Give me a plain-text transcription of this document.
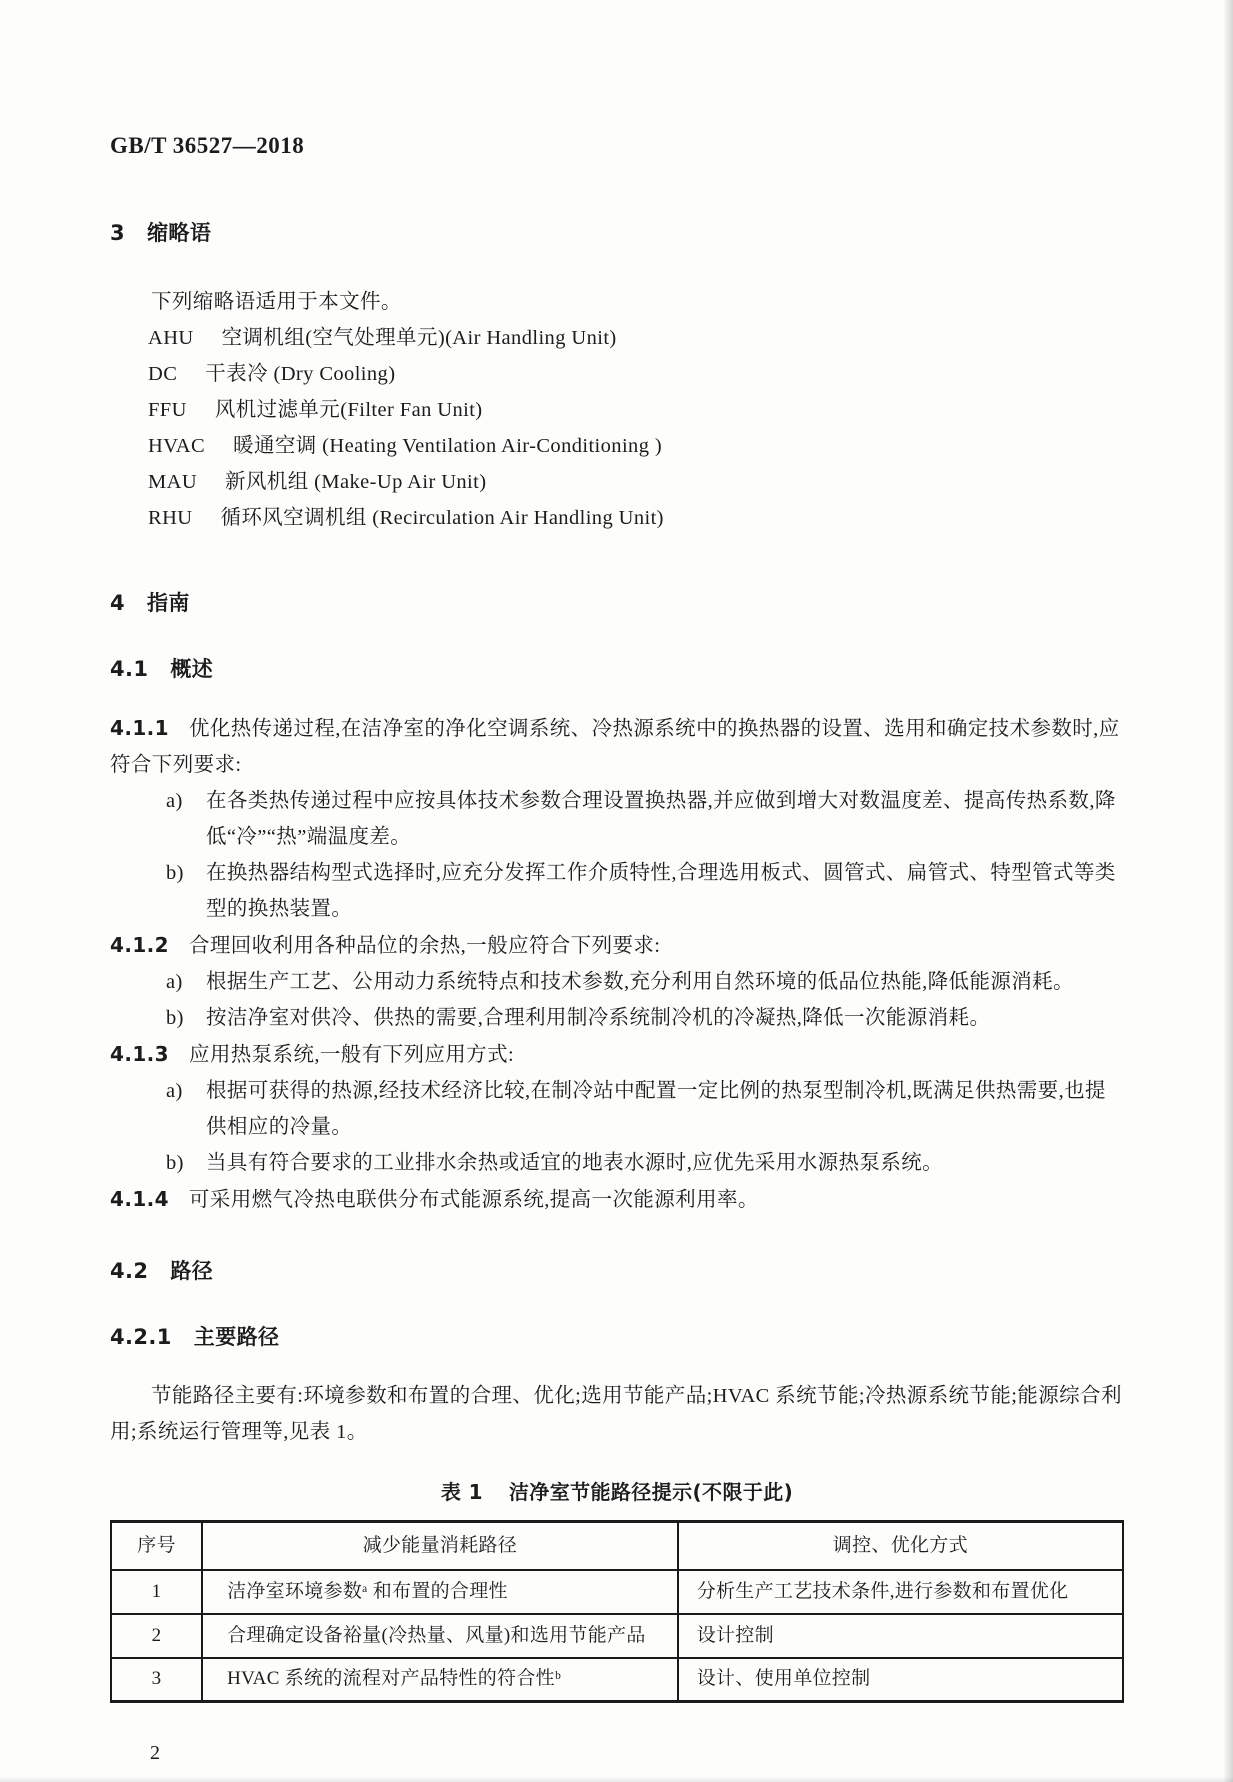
GB/T 36527—2018
3 缩略语

下列缩略语适用于本文件。

AHU 空调机组(空气处理单元)(Air Handling Unit)
DC 干表冷 (Dry Cooling)
FFU 风机过滤单元(Filter Fan Unit)
HVAC 暖通空调 (Heating Ventilation Air-Conditioning )
MAU 新风机组 (Make-Up Air Unit)
RHU 循环风空调机组 (Recirculation Air Handling Unit)
4 指南
4.1 概述

4.1.1 优化热传递过程,在洁净室的净化空调系统、冷热源系统中的换热器的设置、选用和确定技术参数时,应符合下列要求:

a) 在各类热传递过程中应按具体技术参数合理设置换热器,并应做到增大对数温度差、提高传热系数,降低“冷”“热”端温度差。
b) 在换热器结构型式选择时,应充分发挥工作介质特性,合理选用板式、圆管式、扁管式、特型管式等类型的换热装置。

4.1.2 合理回收利用各种品位的余热,一般应符合下列要求:

a) 根据生产工艺、公用动力系统特点和技术参数,充分利用自然环境的低品位热能,降低能源消耗。
b) 按洁净室对供冷、供热的需要,合理利用制冷系统制冷机的冷凝热,降低一次能源消耗。

4.1.3 应用热泵系统,一般有下列应用方式:

a) 根据可获得的热源,经技术经济比较,在制冷站中配置一定比例的热泵型制冷机,既满足供热需要,也提供相应的冷量。
b) 当具有符合要求的工业排水余热或适宜的地表水源时,应优先采用水源热泵系统。

4.1.4 可采用燃气冷热电联供分布式能源系统,提高一次能源利用率。

4.2 路径
4.2.1 主要路径

节能路径主要有:环境参数和布置的合理、优化;选用节能产品;HVAC 系统节能;冷热源系统节能;能源综合利用;系统运行管理等,见表 1。

表 1 洁净室节能路径提示(不限于此)
序号	减少能量消耗路径	调控、优化方式
1	洁净室环境参数ᵃ 和布置的合理性	分析生产工艺技术条件,进行参数和布置优化
2	合理确定设备裕量(冷热量、风量)和选用节能产品	设计控制
3	HVAC 系统的流程对产品特性的符合性ᵇ	设计、使用单位控制
2
